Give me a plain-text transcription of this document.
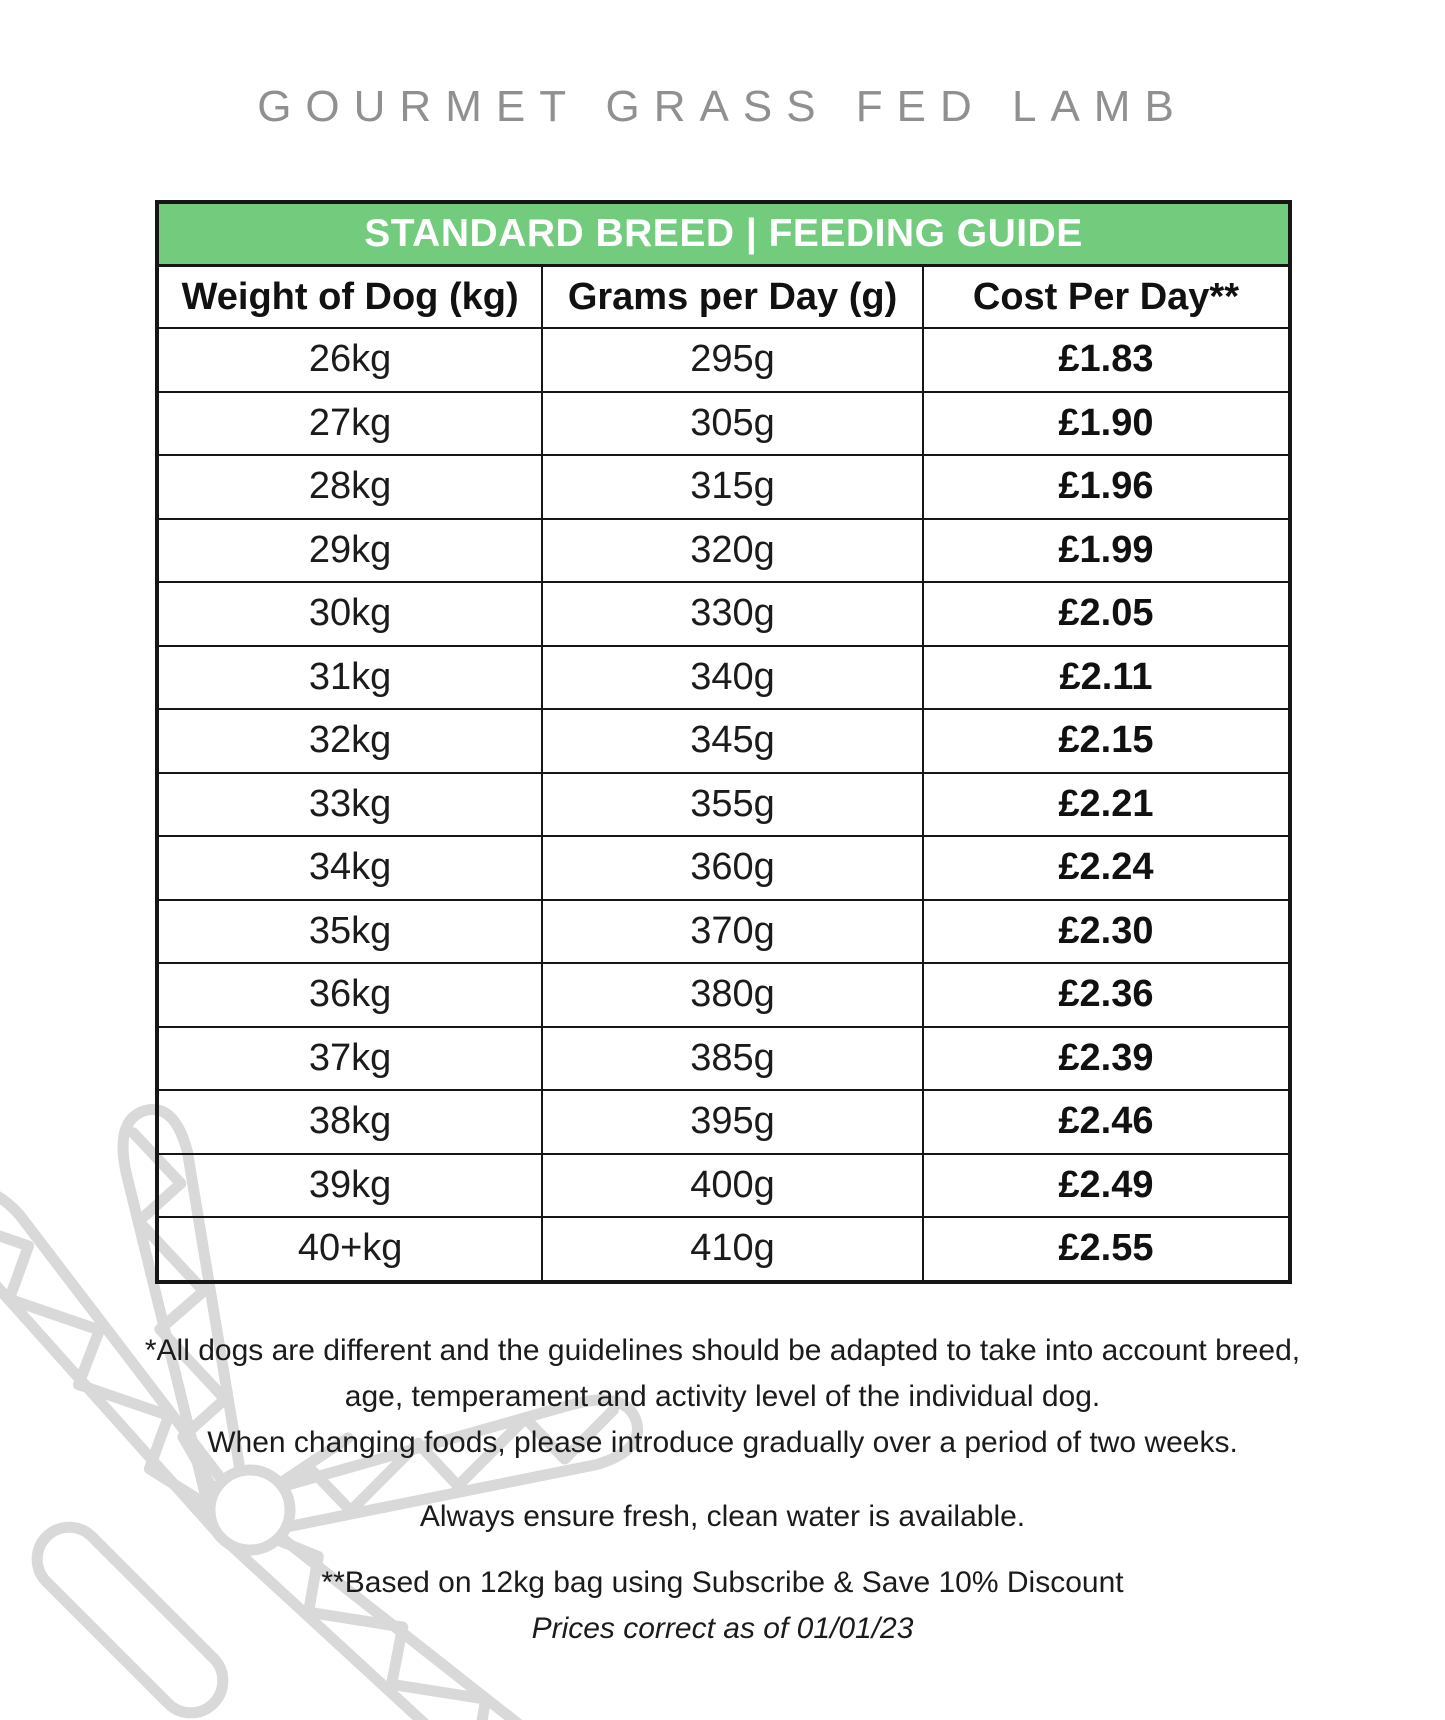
GOURMET GRASS FED LAMB
STANDARD BREED | FEEDING GUIDE		
Weight of Dog (kg)	Grams per Day (g)	Cost Per Day**
26kg	295g	£1.83
27kg	305g	£1.90
28kg	315g	£1.96
29kg	320g	£1.99
30kg	330g	£2.05
31kg	340g	£2.11
32kg	345g	£2.15
33kg	355g	£2.21
34kg	360g	£2.24
35kg	370g	£2.30
36kg	380g	£2.36
37kg	385g	£2.39
38kg	395g	£2.46
39kg	400g	£2.49
40+kg	410g	£2.55
*All dogs are different and the guidelines should be adapted to take into account breed,
age, temperament and activity level of the individual dog.
When changing foods, please introduce gradually over a period of two weeks.
Always ensure fresh, clean water is available.
**Based on 12kg bag using Subscribe & Save 10% Discount
Prices correct as of 01/01/23
